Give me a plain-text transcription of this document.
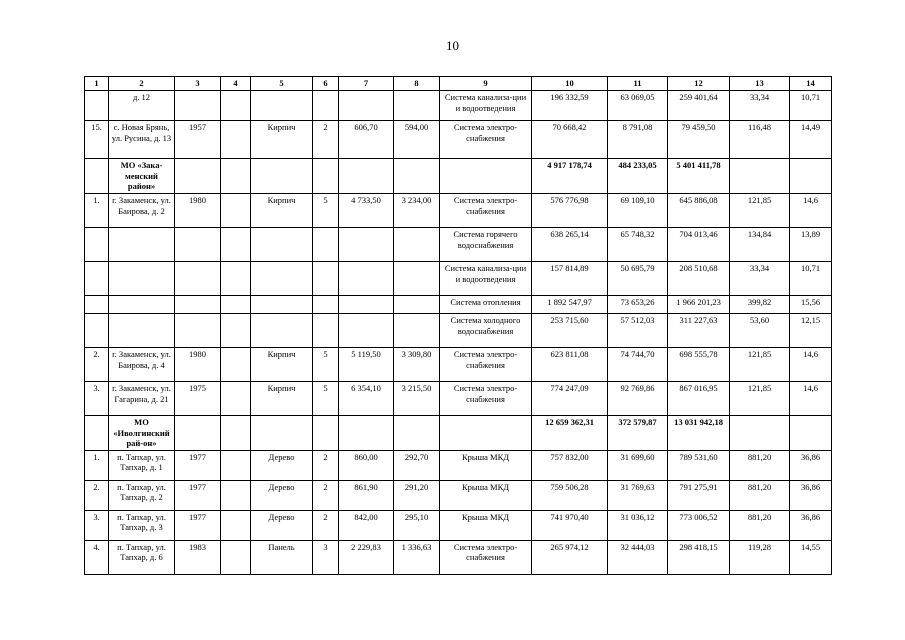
10
1	2	3	4	5	6	7	8	9	10	11	12	13	14
	д. 12							Система канализа-ции и водоотведения	196 332,59	63 069,05	259 401,64	33,34	10,71
15.	с. Новая Брянь, ул. Русина, д. 13	1957		Кирпич	2	606,70	594,00	Система электро-снабжения	70 668,42	8 791,08	79 459,50	116,48	14,49
	МО «Зака-менский район»								4 917 178,74	484 233,05	5 401 411,78		
1.	г. Закаменск, ул. Баирова, д. 2	1980		Кирпич	5	4 733,50	3 234,00	Система электро-снабжения	576 776,98	69 109,10	645 886,08	121,85	14,6
								Система горячего водоснабжения	638 265,14	65 748,32	704 013,46	134,84	13,89
								Система канализа-ции и водоотведения	157 814,89	50 695,79	208 510,68	33,34	10,71
								Система отопления	1 892 547,97	73 653,26	1 966 201,23	399,82	15,56
								Система холодного водоснабжения	253 715,60	57 512,03	311 227,63	53,60	12,15
2.	г. Закаменск, ул. Баирова, д. 4	1980		Кирпич	5	5 119,50	3 309,80	Система электро-снабжения	623 811,08	74 744,70	698 555,78	121,85	14,6
3.	г. Закаменск, ул. Гагарина, д. 21	1975		Кирпич	5	6 354,10	3 215,50	Система электро-снабжения	774 247,09	92 769,86	867 016,95	121,85	14,6
	МО «Иволгинский рай-он»								12 659 362,31	372 579,87	13 031 942,18		
1.	п. Тапхар, ул. Тапхар, д. 1	1977		Дерево	2	860,00	292,70	Крыша МКД	757 832,00	31 699,60	789 531,60	881,20	36,86
2.	п. Тапхар, ул. Тапхар, д. 2	1977		Дерево	2	861,90	291,20	Крыша МКД	759 506,28	31 769,63	791 275,91	881,20	36,86
3.	п. Тапхар, ул. Тапхар, д. 3	1977		Дерево	2	842,00	295,10	Крыша МКД	741 970,40	31 036,12	773 006,52	881,20	36,86
4.	п. Тапхар, ул. Тапхар, д. 6	1983		Панель	3	2 229,83	1 336,63	Система электро-снабжения	265 974,12	32 444,03	298 418,15	119,28	14,55
